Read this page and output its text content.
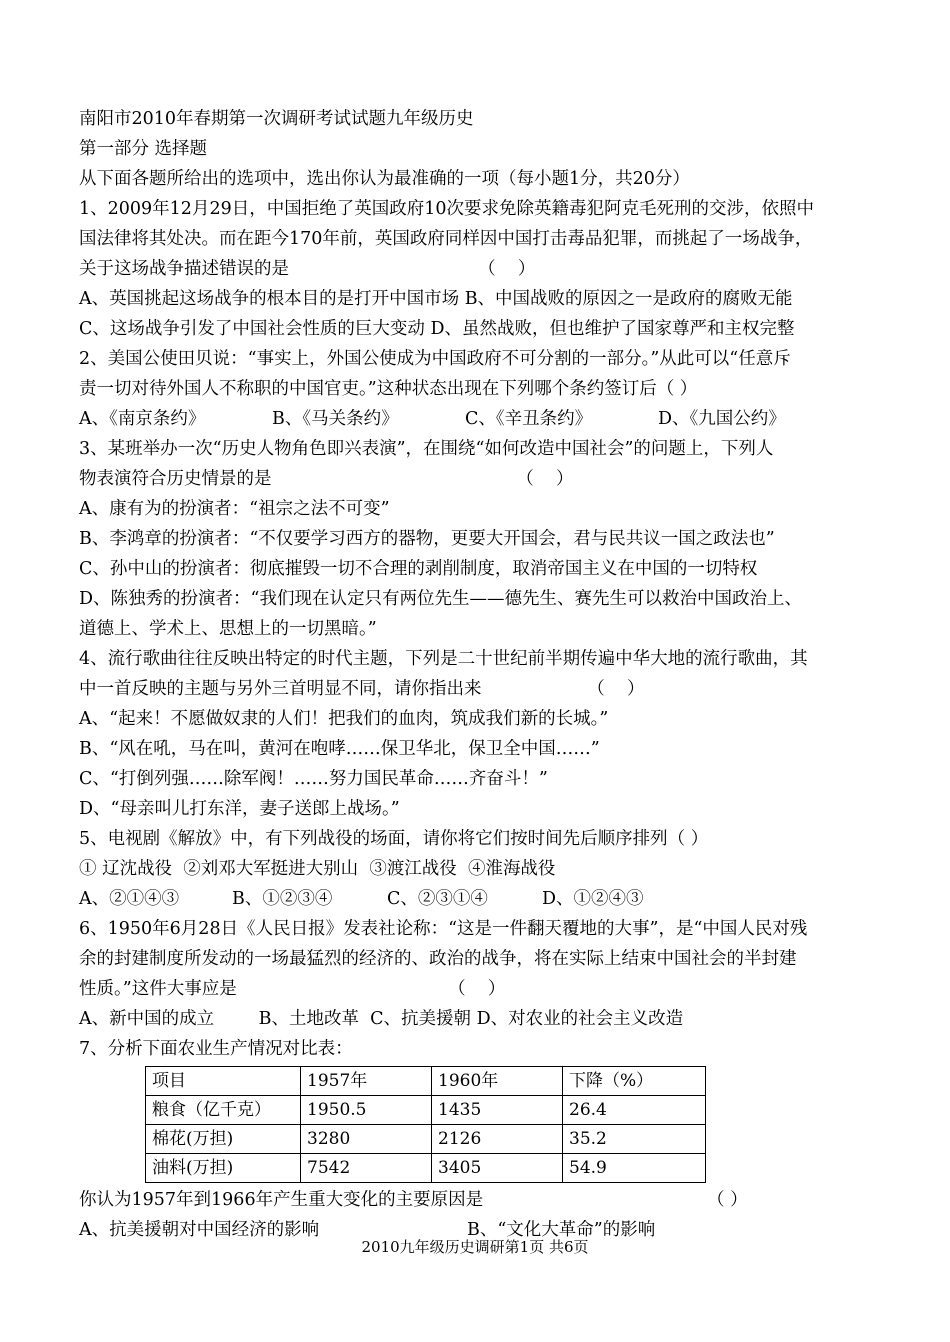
南阳市2010年春期第一次调研考试试题九年级历史
第一部分 选择题
从下面各题所给出的选项中，选出你认为最准确的一项（每小题1分，共20分）
1、2009年12月29日，中国拒绝了英国政府10次要求免除英籍毒犯阿克毛死刑的交涉，依照中
国法律将其处决。而在距今170年前，英国政府同样因中国打击毒品犯罪，而挑起了一场战争，
关于这场战争描述错误的是                                  （    ）
A、英国挑起这场战争的根本目的是打开中国市场 B、中国战败的原因之一是政府的腐败无能
C、这场战争引发了中国社会性质的巨大变动 D、虽然战败，但也维护了国家尊严和主权完整
2、美国公使田贝说：“事实上，外国公使成为中国政府不可分割的一部分。”从此可以“任意斥
责一切对待外国人不称职的中国官吏。”这种状态出现在下列哪个条约签订后（ ）
A、《南京条约》	B、《马关条约》	C、《辛丑条约》	D、《九国公约》
3、某班举办一次“历史人物角色即兴表演”，在围绕“如何改造中国社会”的问题上，下列人
物表演符合历史情景的是                                            （    ）
A、康有为的扮演者：“祖宗之法不可变”
B、李鸿章的扮演者：“不仅要学习西方的器物，更要大开国会，君与民共议一国之政法也”
C、孙中山的扮演者：彻底摧毁一切不合理的剥削制度，取消帝国主义在中国的一切特权
D、陈独秀的扮演者：“我们现在认定只有两位先生——德先生、赛先生可以救治中国政治上、
道德上、学术上、思想上的一切黑暗。”
4、流行歌曲往往反映出特定的时代主题，下列是二十世纪前半期传遍中华大地的流行歌曲，其
中一首反映的主题与另外三首明显不同，请你指出来                   （    ）
A、“起来！不愿做奴隶的人们！把我们的血肉，筑成我们新的长城。”
B、“风在吼，马在叫，黄河在咆哮……保卫华北，保卫全中国……”
C、“打倒列强……除军阀！……努力国民革命……齐奋斗！”
D、“母亲叫儿打东洋，妻子送郎上战场。”
5、电视剧《解放》中，有下列战役的场面，请你将它们按时间先后顺序排列（ ）
① 辽沈战役  ②刘邓大军挺进大别山  ③渡江战役  ④淮海战役
A、②①④③	B、①②③④	C、②③①④	D、①②④③
6、1950年6月28日《人民日报》发表社论称：“这是一件翻天覆地的大事”，是“中国人民对残
余的封建制度所发动的一场最猛烈的经济的、政治的战争，将在实际上结束中国社会的半封建
性质。”这件大事应是                                      （    ）
A、新中国的成立        B、土地改革  C、抗美援朝 D、对农业的社会主义改造
7、分析下面农业生产情况对比表：
项目	1957年	1960年	下降（%）
粮食（亿千克）	1950.5	1435	26.4
棉花(万担)	3280	2126	35.2
油料(万担)	7542	3405	54.9
你认为1957年到1966年产生重大变化的主要原因是	（ ）
A、抗美援朝对中国经济的影响	B、“文化大革命”的影响
2010九年级历史调研第1页 共6页
